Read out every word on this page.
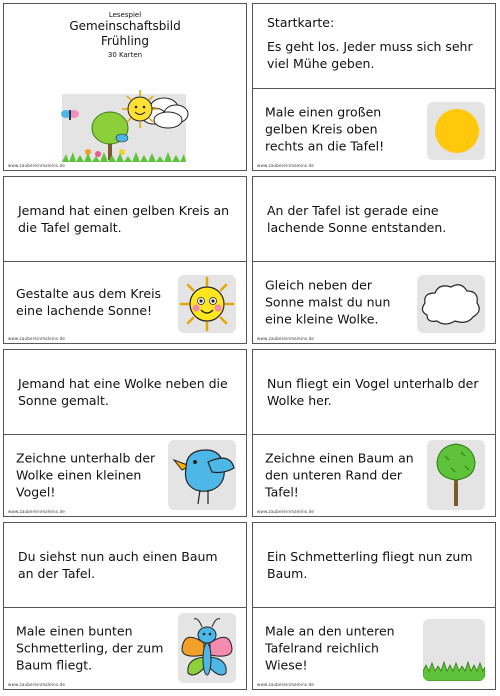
Lesespiel
Gemeinschaftsbild
Frühling
30 Karten
www.zaubereinmaleins.de
Startkarte:
Es geht los. Jeder muss sich sehr viel Mühe geben.
Male einen großen gelben Kreis oben rechts an die Tafel!
www.zaubereinmaleins.de
Jemand hat einen gelben Kreis an die Tafel gemalt.
Gestalte aus dem Kreis eine lachende Sonne!
www.zaubereinmaleins.de
An der Tafel ist gerade eine lachende Sonne entstanden.
Gleich neben der Sonne malst du nun eine kleine Wolke.
www.zaubereinmaleins.de
Jemand hat eine Wolke neben die Sonne gemalt.
Zeichne unterhalb der Wolke einen kleinen Vogel!
www.zaubereinmaleins.de
Nun fliegt ein Vogel unterhalb der Wolke her.
Zeichne einen Baum an den unteren Rand der Tafel!
www.zaubereinmaleins.de
Du siehst nun auch einen Baum an der Tafel.
Male einen bunten Schmetterling, der zum Baum fliegt.
www.zaubereinmaleins.de
Ein Schmetterling fliegt nun zum Baum.
Male an den unteren Tafelrand reichlich Wiese!
www.zaubereinmaleins.de
